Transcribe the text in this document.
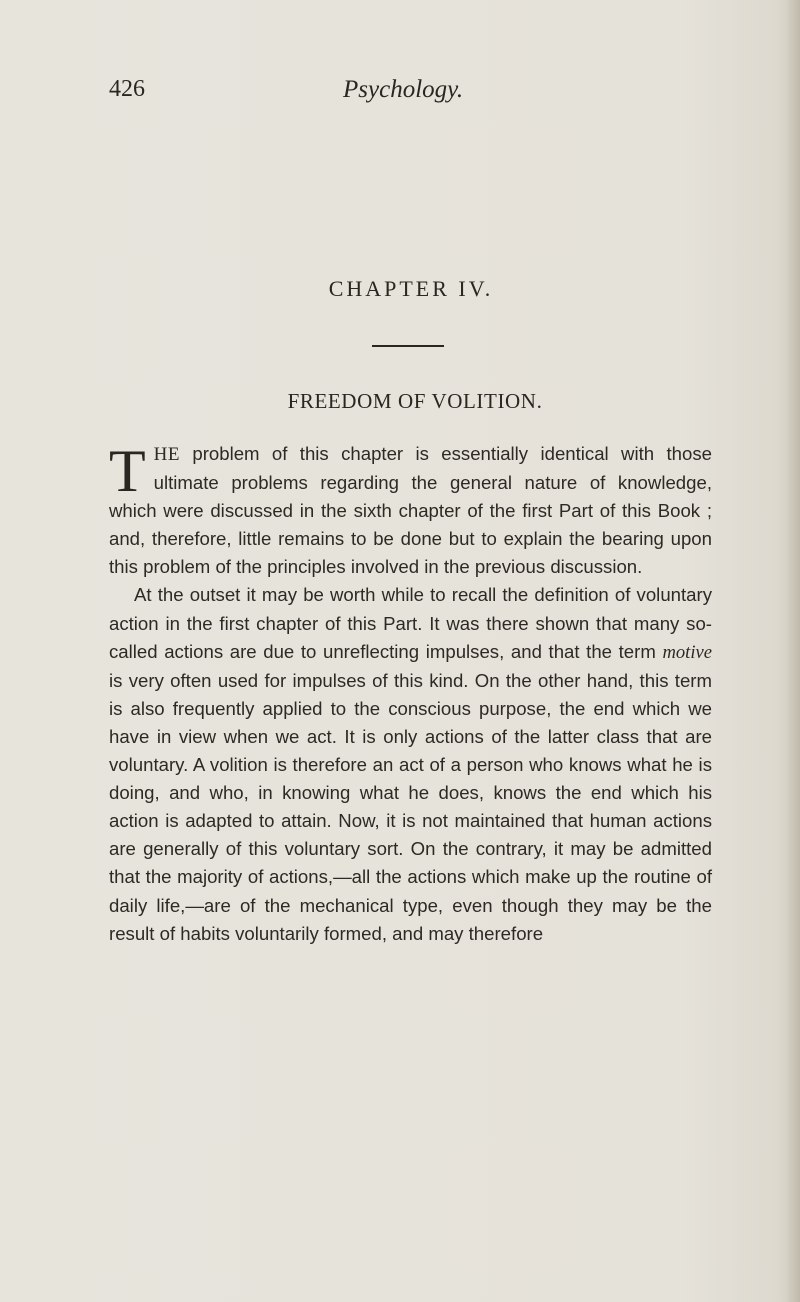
426	Psychology.
CHAPTER IV.
FREEDOM OF VOLITION.

THE problem of this chapter is essentially identical with those ultimate problems regarding the general nature of knowledge, which were discussed in the sixth chapter of the first Part of this Book ; and, therefore, little remains to be done but to explain the bearing upon this problem of the principles involved in the previous discussion.

At the outset it may be worth while to recall the definition of voluntary action in the first chapter of this Part. It was there shown that many so-called actions are due to unreflecting impulses, and that the term motive is very often used for impulses of this kind. On the other hand, this term is also frequently applied to the conscious purpose, the end which we have in view when we act. It is only actions of the latter class that are voluntary. A volition is therefore an act of a person who knows what he is doing, and who, in knowing what he does, knows the end which his action is adapted to attain. Now, it is not maintained that human actions are generally of this voluntary sort. On the contrary, it may be admitted that the majority of actions,—all the actions which make up the routine of daily life,—are of the mechanical type, even though they may be the result of habits voluntarily formed, and may therefore
